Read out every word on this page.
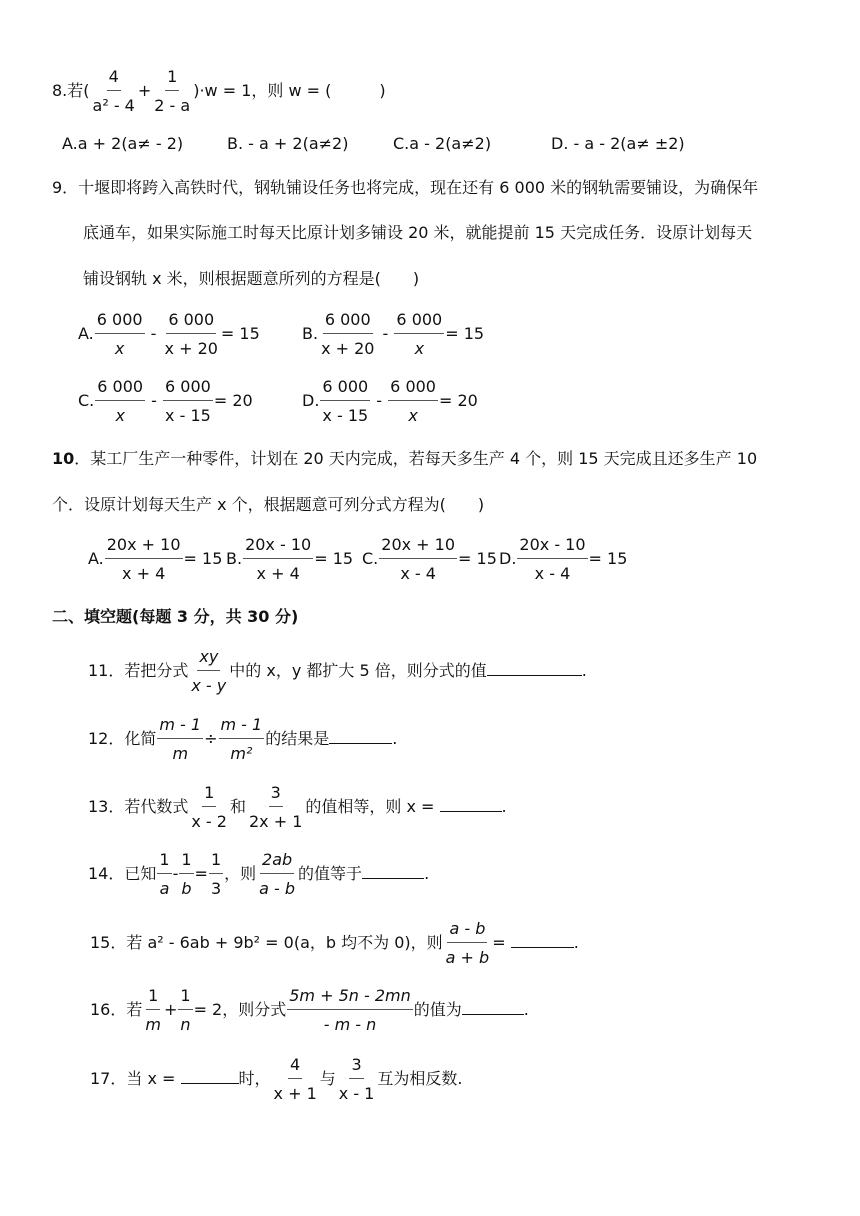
8.若( $\frac{4}{\text{a² - 4}} + \frac{1}{2 - a} )\cdot w = 1$，则 w = (　　　)
A.a + 2(a≠ - 2)	B. - a + 2(a≠2)	C.a - 2(a≠2)	D. - a - 2(a≠ ±2)
9．十堰即将跨入高铁时代，钢轨铺设任务也将完成，现在还有 6 000 米的钢轨需要铺设，为确保年
底通车，如果实际施工时每天比原计划多铺设 20 米，就能提前 15 天完成任务．设原计划每天
铺设钢轨 x 米，则根据题意所列的方程是(　　)
A. $\frac{6 000}{x} - \frac{6 000}{x + 20} = 15$	B. $\frac{6 000}{x + 20} - \frac{6 000}{x} = 15$
C. $\frac{6 000}{x} - \frac{6 000}{x - 15} = 20$	D. $\frac{6 000}{x - 15} - \frac{6 000}{x} = 20$
10．某工厂生产一种零件，计划在 20 天内完成，若每天多生产 4 个，则 15 天完成且还多生产 10
个．设原计划每天生产 x 个，根据题意可列分式方程为(　　)
A. $\frac{20x + 10}{x + 4} = 15$ B. $\frac{20x - 10}{x + 4} = 15$ C. $\frac{20x + 10}{x - 4} = 15$ D. $\frac{20x - 10}{x - 4} = 15$
二、填空题(每题 3 分，共 30 分)
11．若把分式 $\frac{xy}{x - y}$ 中的 x，y 都扩大 5 倍，则分式的值	.
12．化简 $\frac{m - 1}{m} \div \frac{m - 1}{\text{m²}}$ 的结果是	.
13．若代数式 $\frac{1}{x - 2}$ 和 $\frac{3}{2x + 1}$ 的值相等，则 x =	.
14．已知 $\frac{1}{a} - \frac{1}{b} = \frac{1}{3}$ ，则 $\frac{2ab}{a - b}$ 的值等于	.
15．若 a² - 6ab + 9b² = 0(a，b 均不为 0)，则 $\frac{a - b}{a + b}$ =	.
16．若 $\frac{1}{m} + \frac{1}{n} = 2$，则分式 $\frac{5m + 5n - 2mn}{- m - n}$ 的值为	.
17．当 x =	时， $\frac{4}{x + 1}$ 与 $\frac{3}{x - 1}$ 互为相反数.
